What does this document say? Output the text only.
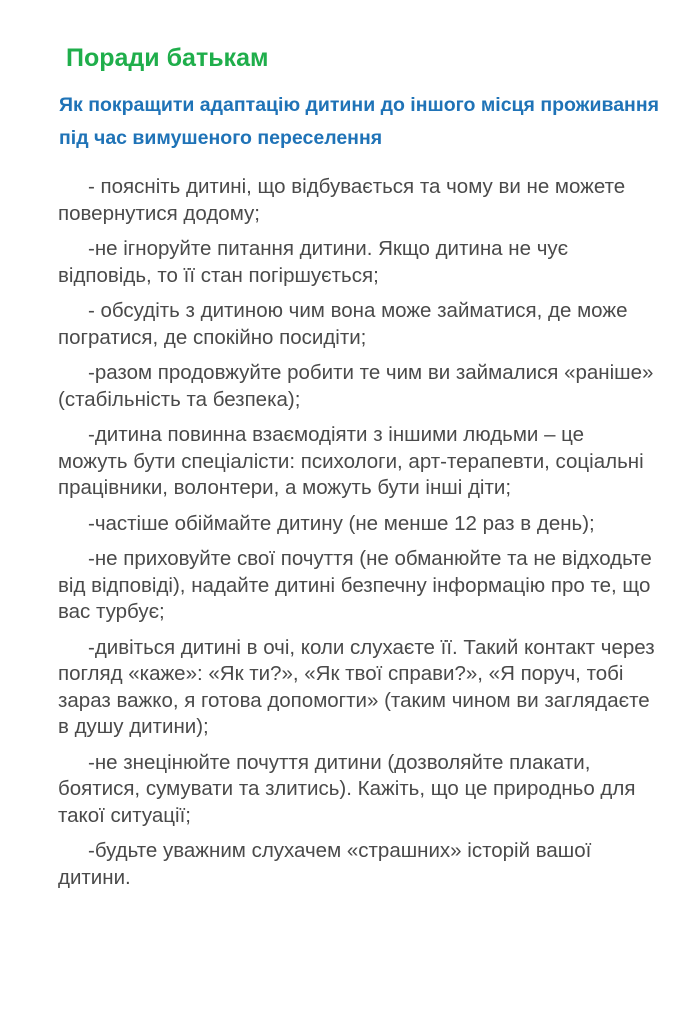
Поради батькам
Як покращити адаптацію дитини до іншого місця проживання під час вимушеного переселення
- поясніть дитині, що відбувається та чому ви не можете повернутися додому;
-не ігноруйте питання дитини. Якщо дитина не чує відповідь, то її стан погіршується;
- обсудіть з дитиною чим вона може займатися, де може погратися, де спокійно посидіти;
-разом продовжуйте робити те чим ви займалися «раніше» (стабільність та безпека);
-дитина повинна взаємодіяти з іншими людьми – це можуть бути спеціалісти: психологи, арт-терапевти, соціальні працівники, волонтери, а можуть бути інші діти;
-частіше обіймайте дитину (не менше 12 раз в день);
-не приховуйте свої почуття (не обманюйте та не відходьте від відповіді), надайте дитині безпечну інформацію про те, що вас турбує;
-дивіться дитині в очі, коли слухаєте її. Такий контакт через погляд «каже»: «Як ти?», «Як твої справи?», «Я поруч, тобі зараз важко, я готова допомогти» (таким чином ви заглядаєте в душу дитини);
-не знецінюйте почуття дитини (дозволяйте плакати, боятися, сумувати та злитись). Кажіть, що це природньо для такої ситуації;
-будьте уважним слухачем «страшних» історій вашої дитини.
